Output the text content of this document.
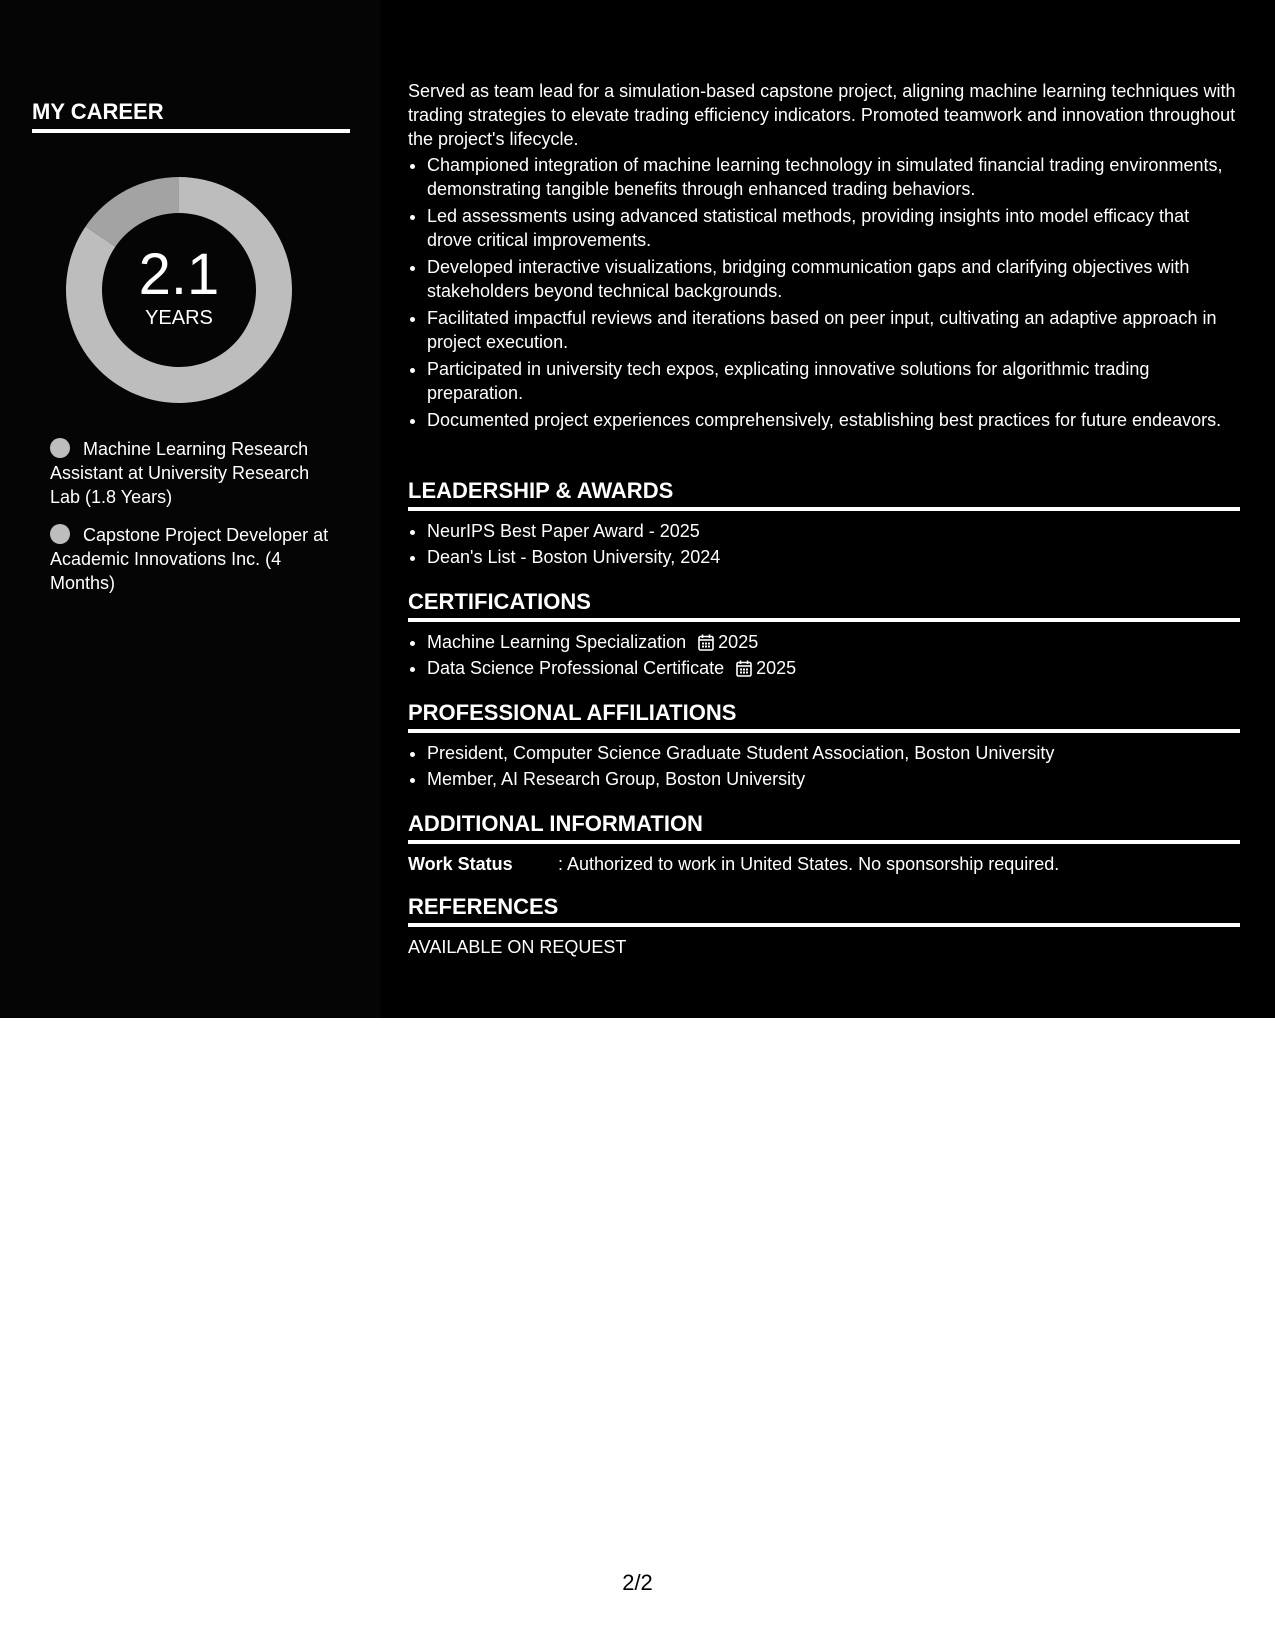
MY CAREER
2.1
YEARS
Machine Learning Research Assistant at University Research Lab (1.8 Years)
Capstone Project Developer at Academic Innovations Inc. (4 Months)

Served as team lead for a simulation-based capstone project, aligning machine learning techniques with trading strategies to elevate trading efficiency indicators. Promoted teamwork and innovation throughout the project's lifecycle.

• Championed integration of machine learning technology in simulated financial trading environments, demonstrating tangible benefits through enhanced trading behaviors.
• Led assessments using advanced statistical methods, providing insights into model efficacy that drove critical improvements.
• Developed interactive visualizations, bridging communication gaps and clarifying objectives with stakeholders beyond technical backgrounds.
• Facilitated impactful reviews and iterations based on peer input, cultivating an adaptive approach in project execution.
• Participated in university tech expos, explicating innovative solutions for algorithmic trading preparation.
• Documented project experiences comprehensively, establishing best practices for future endeavors.
LEADERSHIP & AWARDS
• NeurIPS Best Paper Award - 2025
• Dean's List - Boston University, 2024
CERTIFICATIONS
• Machine Learning Specialization 2025
• Data Science Professional Certificate 2025
PROFESSIONAL AFFILIATIONS
• President, Computer Science Graduate Student Association, Boston University
• Member, AI Research Group, Boston University
ADDITIONAL INFORMATION
Work Status	: Authorized to work in United States. No sponsorship required.
REFERENCES
AVAILABLE ON REQUEST
2/2
